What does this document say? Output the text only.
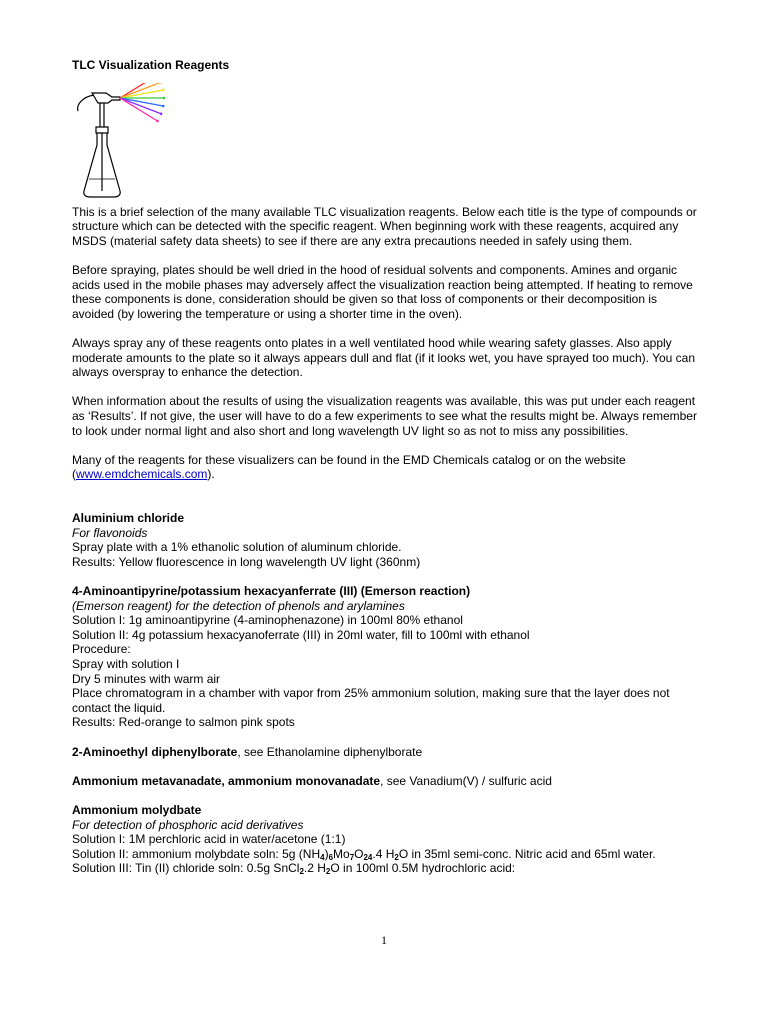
TLC Visualization Reagents

This is a brief selection of the many available TLC visualization reagents. Below each title is the type of compounds or structure which can be detected with the specific reagent. When beginning work with these reagents, acquired any MSDS (material safety data sheets) to see if there are any extra precautions needed in safely using them.

Before spraying, plates should be well dried in the hood of residual solvents and components. Amines and organic acids used in the mobile phases may adversely affect the visualization reaction being attempted. If heating to remove these components is done, consideration should be given so that loss of components or their decomposition is avoided (by lowering the temperature or using a shorter time in the oven).

Always spray any of these reagents onto plates in a well ventilated hood while wearing safety glasses. Also apply moderate amounts to the plate so it always appears dull and flat (if it looks wet, you have sprayed too much). You can always overspray to enhance the detection.

When information about the results of using the visualization reagents was available, this was put under each reagent as ‘Results’. If not give, the user will have to do a few experiments to see what the results might be. Always remember to look under normal light and also short and long wavelength UV light so as not to miss any possibilities.

Many of the reagents for these visualizers can be found in the EMD Chemicals catalog or on the website (www.emdchemicals.com).

Aluminium chloride
For flavonoids
Spray plate with a 1% ethanolic solution of aluminum chloride.
Results: Yellow fluorescence in long wavelength UV light (360nm)
4-Aminoantipyrine/potassium hexacyanferrate (III) (Emerson reaction)
(Emerson reagent) for the detection of phenols and arylamines
Solution I: 1g aminoantipyrine (4-aminophenazone) in 100ml 80% ethanol
Solution II: 4g potassium hexacyanoferrate (III) in 20ml water, fill to 100ml with ethanol
Procedure:
Spray with solution I
Dry 5 minutes with warm air
Place chromatogram in a chamber with vapor from 25% ammonium solution, making sure that the layer does not contact the liquid.
Results: Red-orange to salmon pink spots
2-Aminoethyl diphenylborate, see Ethanolamine diphenylborate
Ammonium metavanadate, ammonium monovanadate, see Vanadium(V) / sulfuric acid
Ammonium molydbate
For detection of phosphoric acid derivatives
Solution I: 1M perchloric acid in water/acetone (1:1)
Solution II: ammonium molybdate soln: 5g $(NH_4)_6Mo_7O_{24}.4$ $H_2O$ in 35ml semi-conc. Nitric acid and 65ml water.
Solution III: Tin (II) chloride soln: 0.5g SnCl$_2$.2 $H_2O$ in 100ml 0.5M hydrochloric acid:
1
